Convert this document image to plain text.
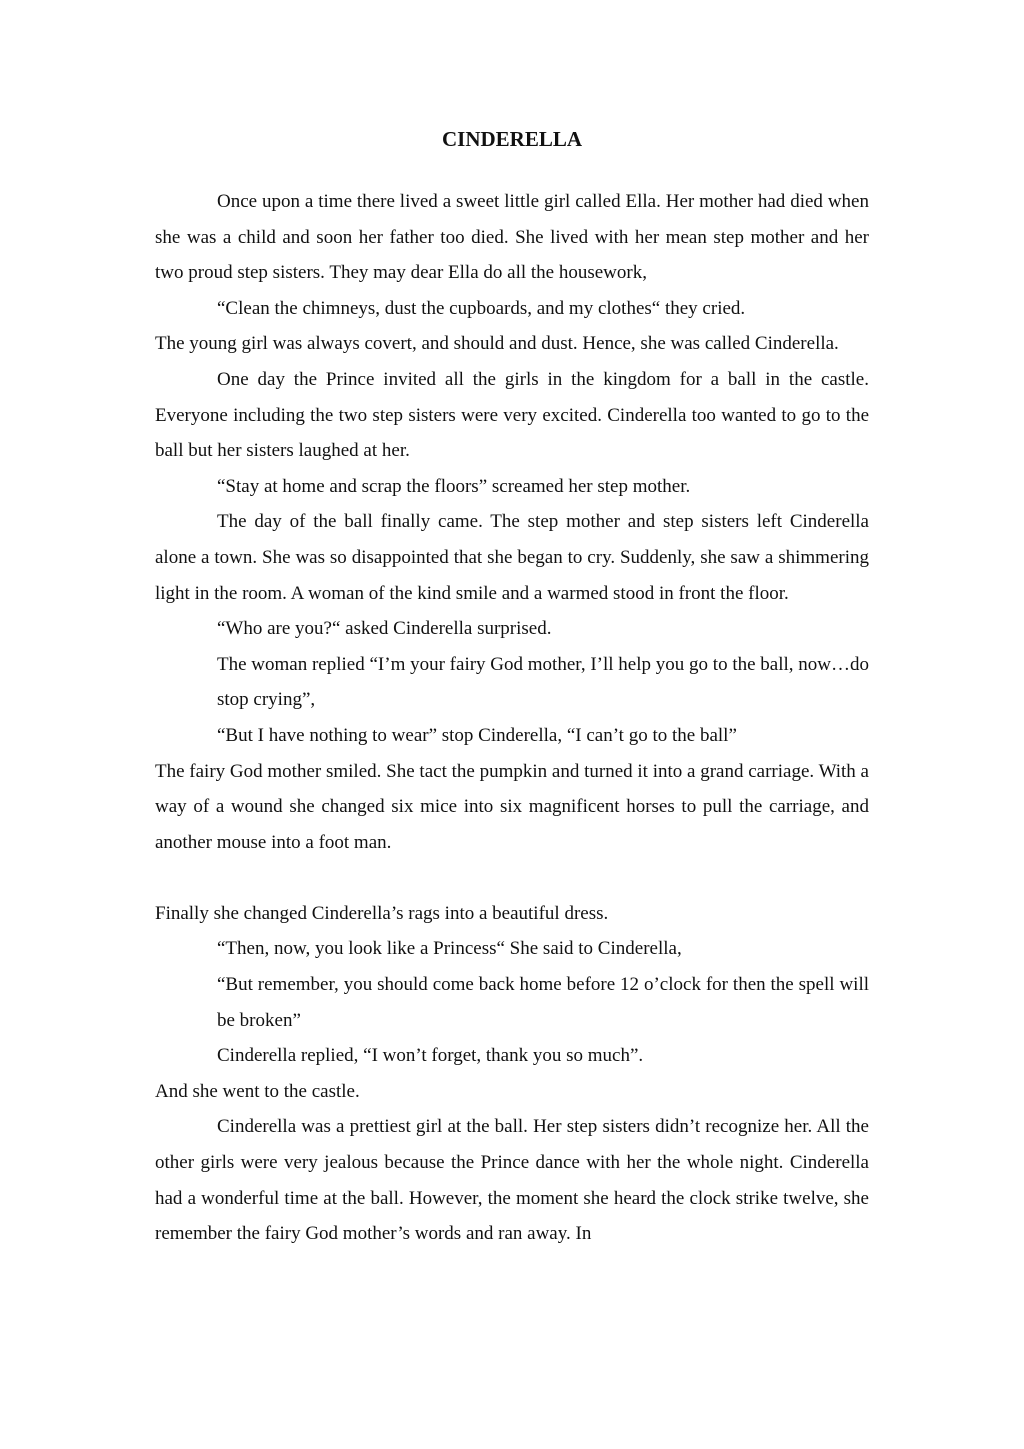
CINDERELLA

Once upon a time there lived a sweet little girl called Ella. Her mother had died when she was a child and soon her father too died. She lived with her mean step mother and her two proud step sisters. They may dear Ella do all the housework,

“Clean the chimneys, dust the cupboards, and my clothes“ they cried.

The young girl was always covert, and should and dust. Hence, she was called Cinderella.

One day the Prince invited all the girls in the kingdom for a ball in the castle. Everyone including the two step sisters were very excited. Cinderella too wanted to go to the ball but her sisters laughed at her.

“Stay at home and scrap the floors” screamed her step mother.

The day of the ball finally came. The step mother and step sisters left Cinderella alone a town. She was so disappointed that she began to cry. Suddenly, she saw a shimmering light in the room. A woman of the kind smile and a warmed stood in front the floor.

“Who are you?“ asked Cinderella surprised.

The woman replied “I’m your fairy God mother, I’ll help you go to the ball, now…do stop crying”,

“But I have nothing to wear” stop Cinderella, “I can’t go to the ball”

The fairy God mother smiled. She tact the pumpkin and turned it into a grand carriage. With a way of a wound she changed six mice into six magnificent horses to pull the carriage, and another mouse into a foot man.

Finally she changed Cinderella’s rags into a beautiful dress.

“Then, now, you look like a Princess“ She said to Cinderella,

“But remember, you should come back home before 12 o’clock for then the spell will be broken”

Cinderella replied, “I won’t forget, thank you so much”.

And she went to the castle.

Cinderella was a prettiest girl at the ball. Her step sisters didn’t recognize her. All the other girls were very jealous because the Prince dance with her the whole night. Cinderella had a wonderful time at the ball. However, the moment she heard the clock strike twelve, she remember the fairy God mother’s words and ran away. In
